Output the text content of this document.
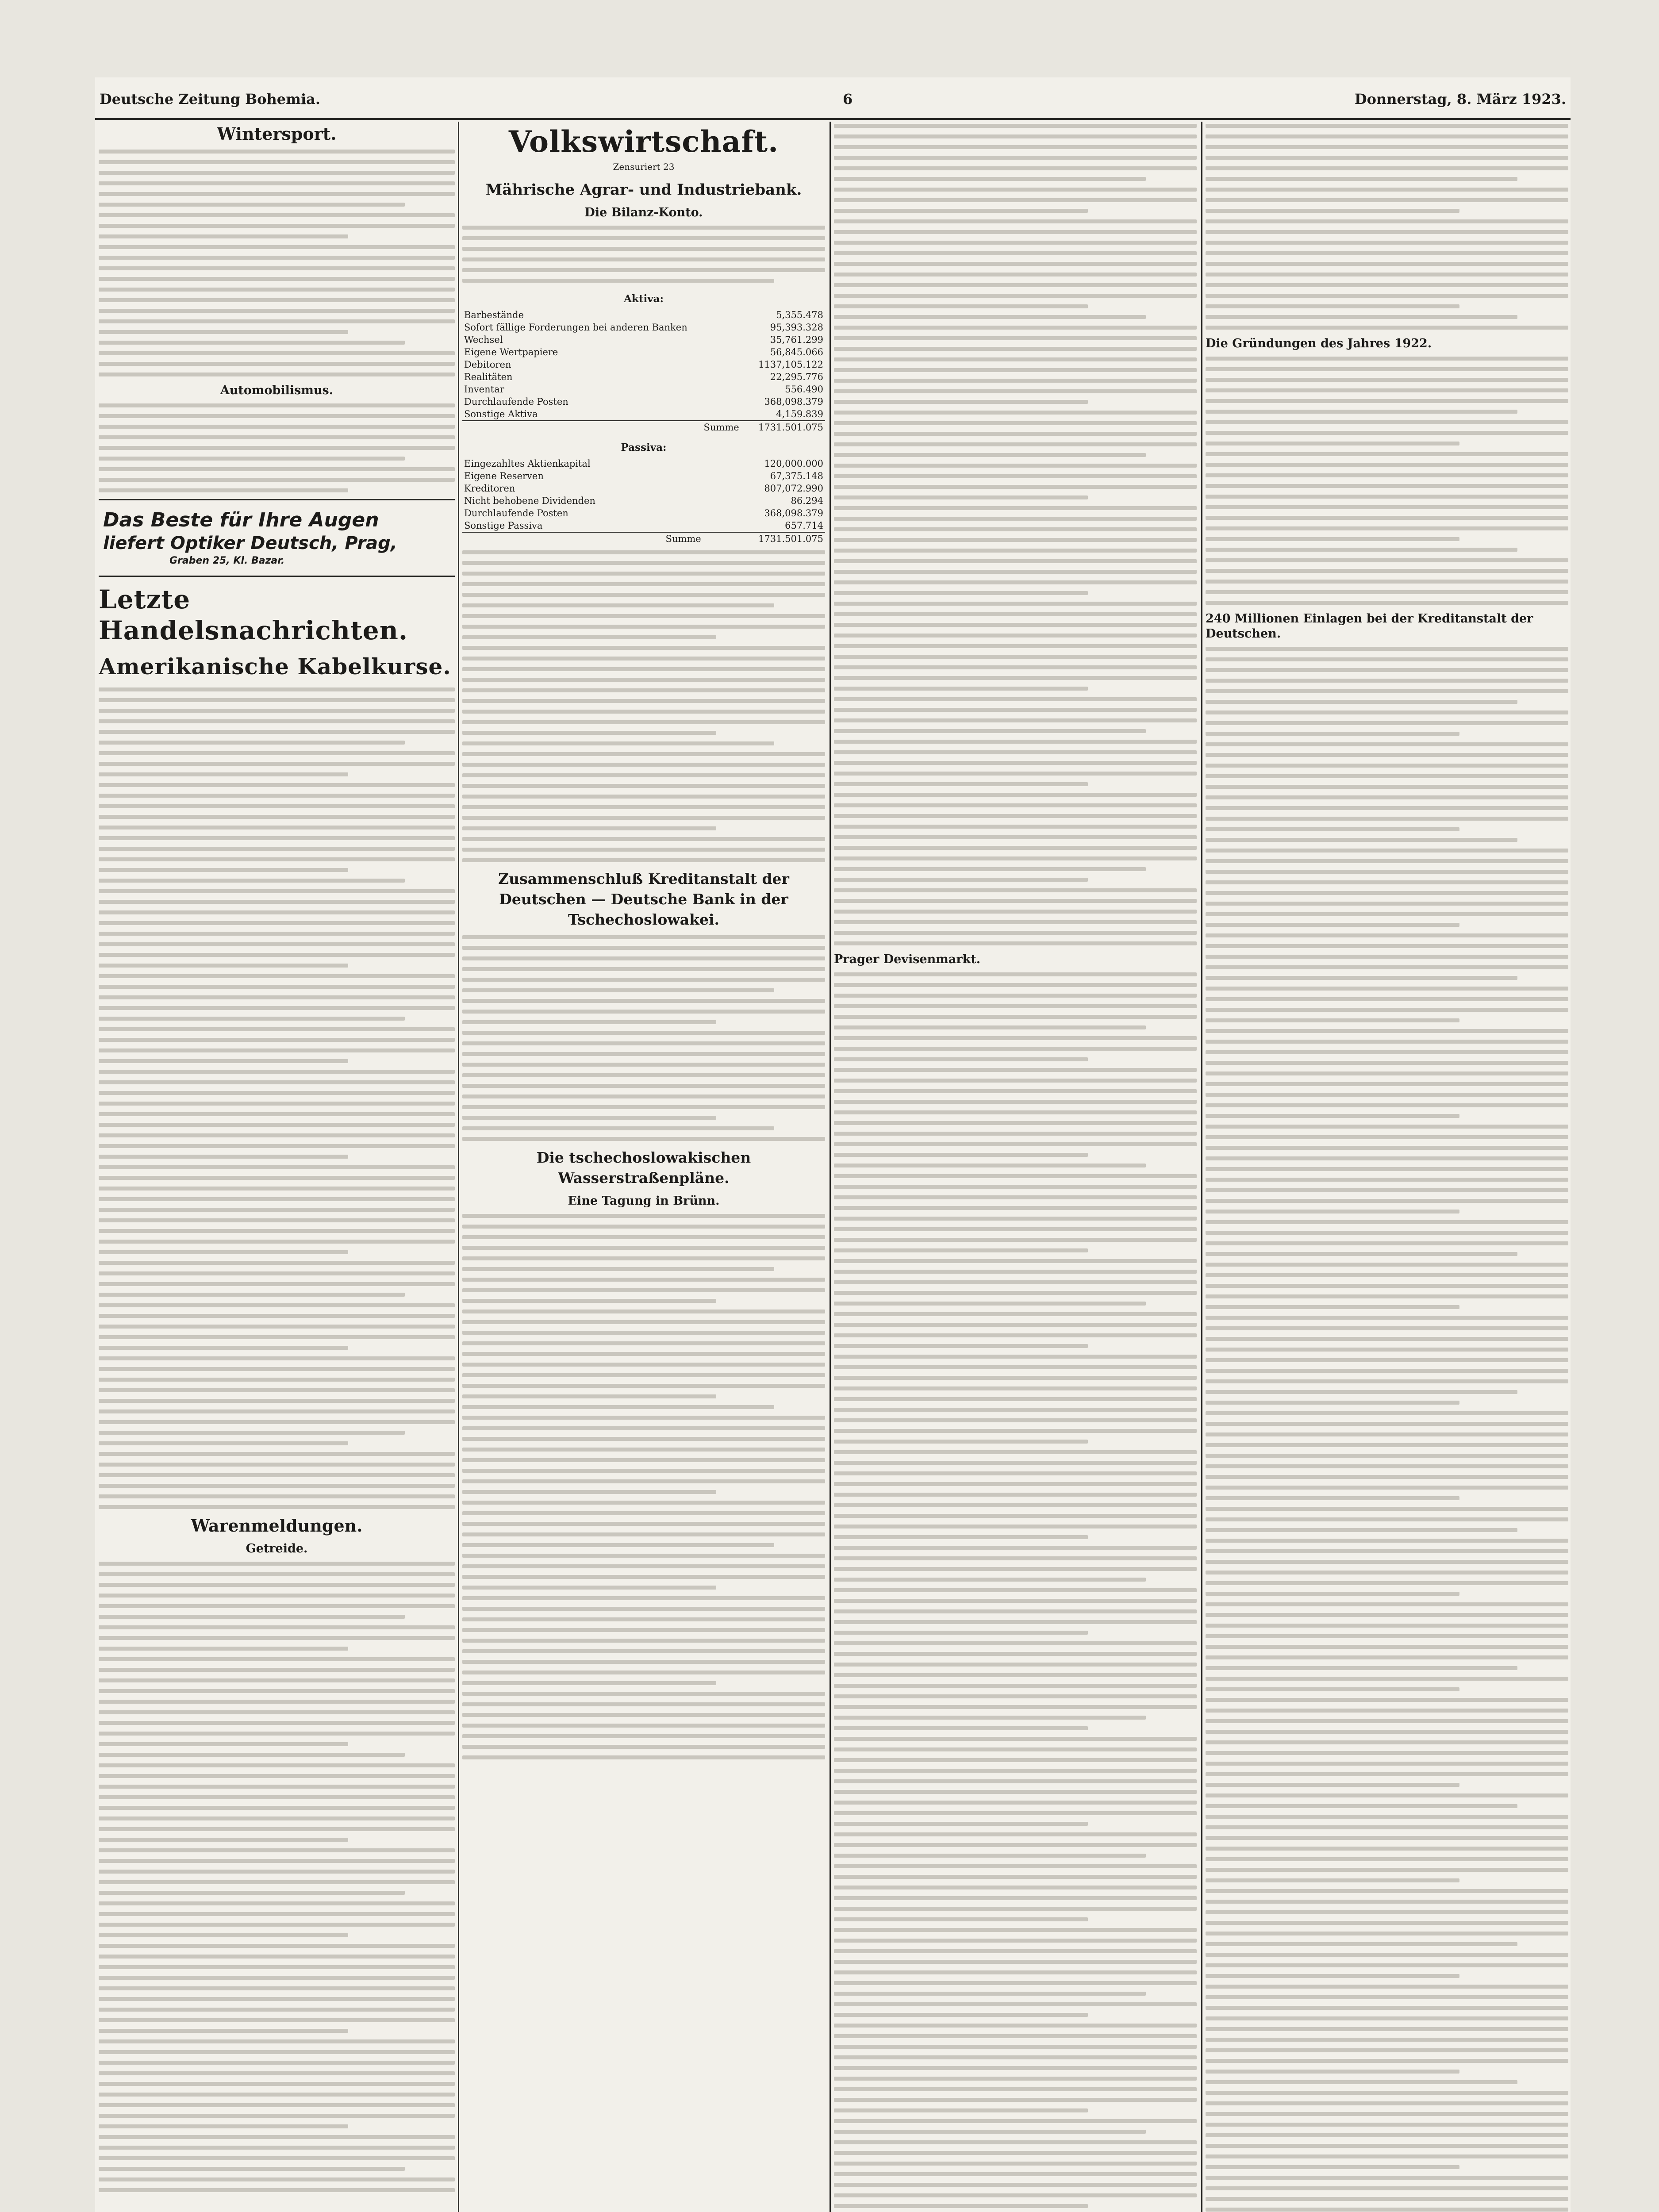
Deutsche Zeitung Bohemia.	6	Donnerstag, 8. März 1923.
Wintersport.
Automobilismus.
Das Beste für Ihre Augen
liefert Optiker Deutsch, Prag,
Graben 25, Kl. Bazar.
Letzte Handelsnachrichten.
Amerikanische Kabelkurse.
Warenmeldungen.
Getreide.
Volkswirtschaft.
Zensuriert 23
Mährische Agrar- und Industriebank.
Die Bilanz-Konto.
Aktiva:	
Barbestände	5,355.478
Sofort fällige Forderungen bei anderen Banken	95,393.328
Wechsel	35,761.299
Eigene Wertpapiere	56,845.066
Debitoren	1137,105.122
Realitäten	22,295.776
Inventar	556.490
Durchlaufende Posten	368,098.379
Sonstige Aktiva	4,159.839
Summe	1731.501.075
Passiva:	
Eingezahltes Aktienkapital	120,000.000
Eigene Reserven	67,375.148
Kreditoren	807,072.990
Nicht behobene Dividenden	86.294
Durchlaufende Posten	368,098.379
Sonstige Passiva	657.714
Summe	1731.501.075
Zusammenschluß Kreditanstalt der Deutschen — Deutsche Bank in der Tschechoslowakei.
Die tschechoslowakischen Wasserstraßenpläne.
Eine Tagung in Brünn.
Prager Devisenmarkt.
Die Gründungen des Jahres 1922.
240 Millionen Einlagen bei der Kreditanstalt der Deutschen.
